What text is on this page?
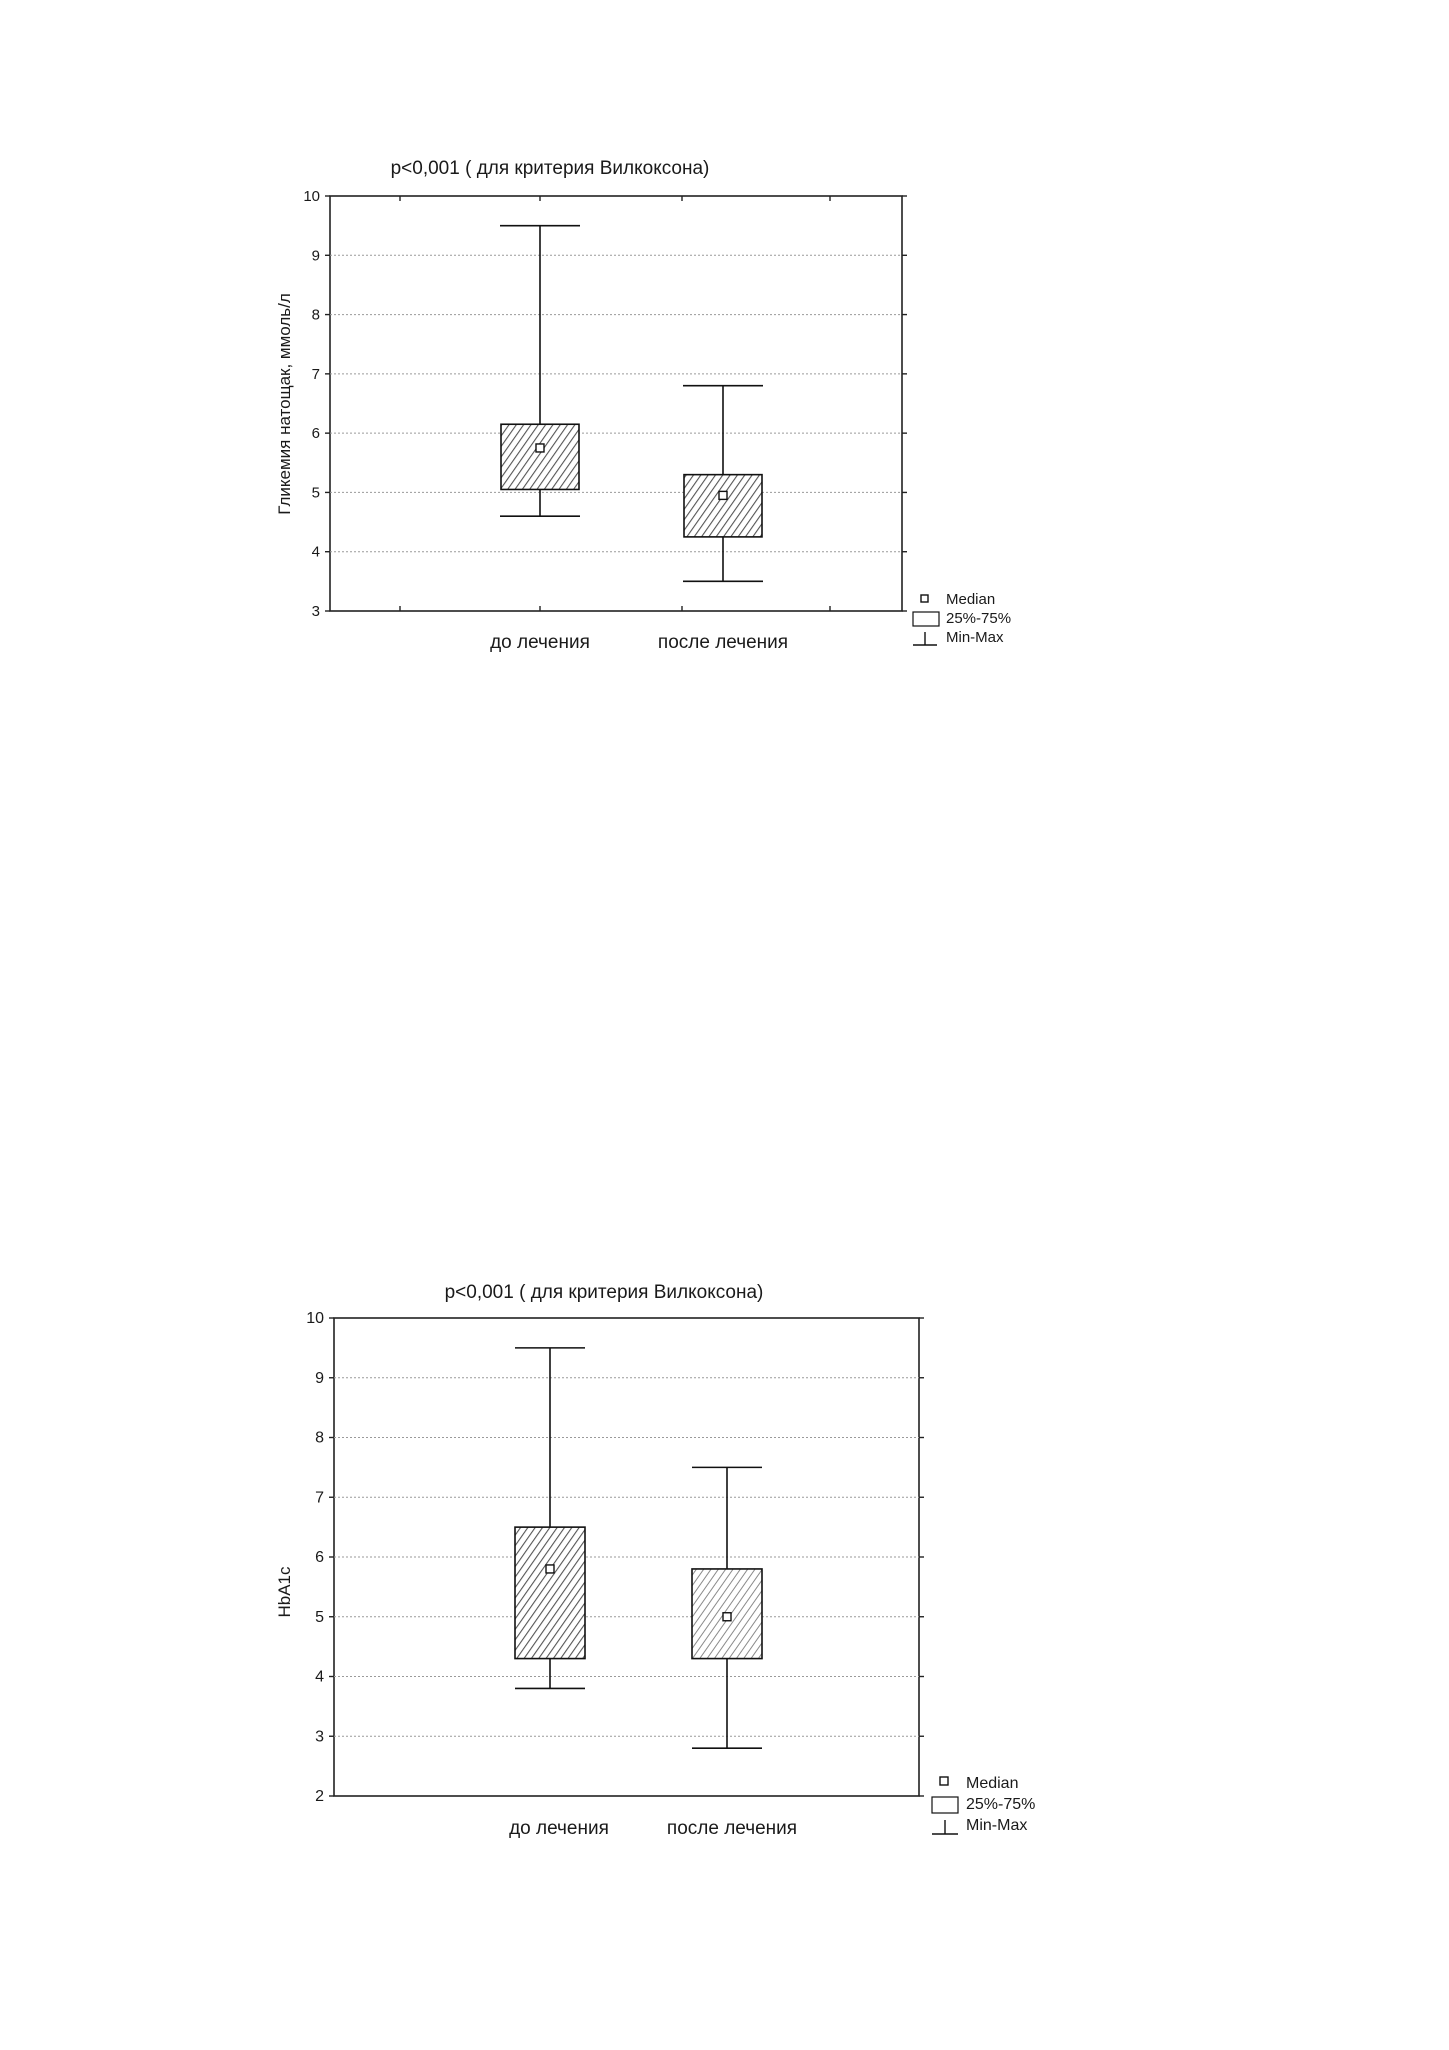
p<0,001 ( для критерия Вилкоксона)
3
4
5
6
7
8
9
10
Гликемия натощак, ммоль/л
до лечения	после лечения
Median
25%-75%
Min-Max
p<0,001 ( для критерия Вилкоксона)
2
3
4
5
6
7
8
9
10
HbA1c
до лечения	после лечения
Median
25%-75%
Min-Max
